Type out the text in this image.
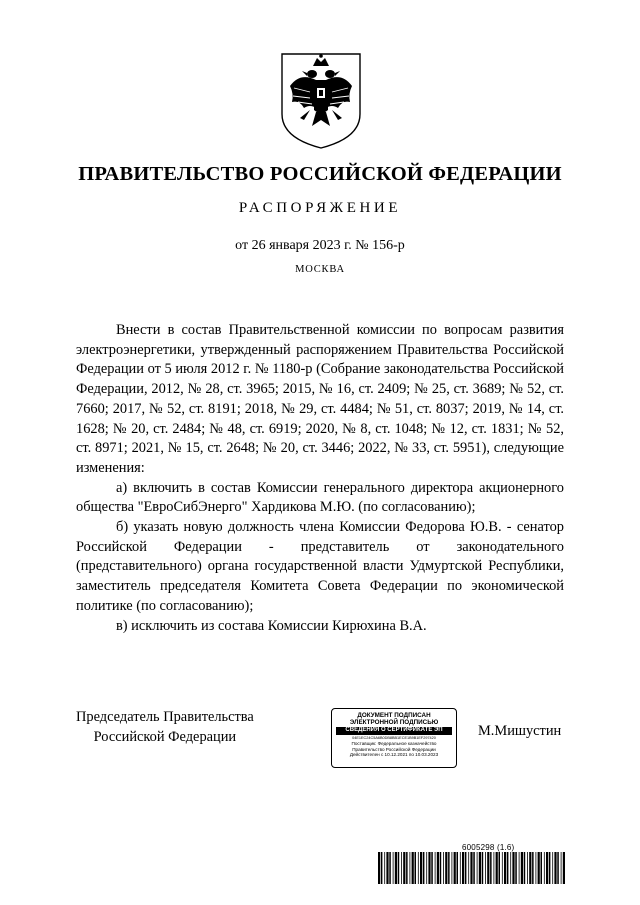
ПРАВИТЕЛЬСТВО РОССИЙСКОЙ ФЕДЕРАЦИИ
РАСПОРЯЖЕНИЕ
от 26 января 2023 г. № 156-р
МОСКВА

Внести в состав Правительственной комиссии по вопросам развития электроэнергетики, утвержденный распоряжением Правительства Российской Федерации от 5 июля 2012 г. № 1180-р (Собрание законодательства Российской Федерации, 2012, № 28, ст. 3965; 2015, № 16, ст. 2409; № 25, ст. 3689; № 52, ст. 7660; 2017, № 52, ст. 8191; 2018, № 29, ст. 4484; № 51, ст. 8037; 2019, № 14, ст. 1628; № 20, ст. 2484; № 48, ст. 6919; 2020, № 8, ст. 1048; № 12, ст. 1831; № 52, ст. 8971; 2021, № 15, ст. 2648; № 20, ст. 3446; 2022, № 33, ст. 5951), следующие изменения:

а) включить в состав Комиссии генерального директора акционерного общества "ЕвроСибЭнерго" Хардикова М.Ю. (по согласованию);

б) указать новую должность члена Комиссии Федорова Ю.В. - сенатор Российской Федерации - представитель от законодательного (представительного) органа государственной власти Удмуртской Республики, заместитель председателя Комитета Совета Федерации по экономической политике (по согласованию);

в) исключить из состава Комиссии Кирюхина В.А.

Председатель Правительства
Российской Федерации
ДОКУМЕНТ ПОДПИСАН
ЭЛЕКТРОННОЙ ПОДПИСЬЮ
СВЕДЕНИЯ О СЕРТИФИКАТЕ ЭП
04E1EC24C5A6B0DB8BB1ECE1B9B1EF297420
Поставщик: Федеральное казначейство
Правительство Российской Федерации
Действителен с 10.12.2021 по 10.03.2023
М.Мишустин
6005298 (1.6)
